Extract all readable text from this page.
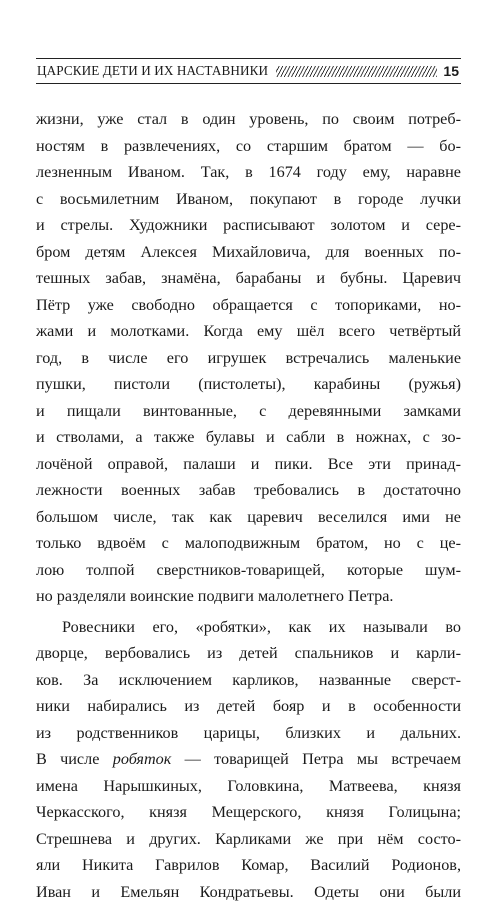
ЦАРСКИЕ ДЕТИ И ИХ НАСТАВНИКИ	15
жизни, уже стал в один уровень, по своим потреб-
ностям в развлечениях, со старшим братом — бо-
лезненным Иваном. Так, в 1674 году ему, наравне
с восьмилетним Иваном, покупают в городе лучки
и стрелы. Художники расписывают золотом и сере-
бром детям Алексея Михайловича, для военных по-
тешных забав, знамёна, барабаны и бубны. Царевич
Пётр уже свободно обращается с топориками, но-
жами и молотками. Когда ему шёл всего четвёртый
год, в числе его игрушек встречались маленькие
пушки, пистоли (пистолеты), карабины (ружья)
и пищали винтованные, с деревянными замками
и стволами, а также булавы и сабли в ножнах, с зо-
лочёной оправой, палаши и пики. Все эти принад-
лежности военных забав требовались в достаточно
большом числе, так как царевич веселился ими не
только вдвоём с малоподвижным братом, но с це-
лою толпой сверстников-товарищей, которые шум-
но разделяли воинские подвиги малолетнего Петра.
Ровесники его, «робятки», как их называли во
дворце, вербовались из детей спальников и карли-
ков. За исключением карликов, названные сверст-
ники набирались из детей бояр и в особенности
из родственников царицы, близких и дальних.
В числе робяток — товарищей Петра мы встречаем
имена Нарышкиных, Головкина, Матвеева, князя
Черкасского, князя Мещерского, князя Голицына;
Стрешнева и других. Карликами же при нём состо-
яли Никита Гаврилов Комар, Василий Родионов,
Иван и Емельян Кондратьевы. Одеты они были
